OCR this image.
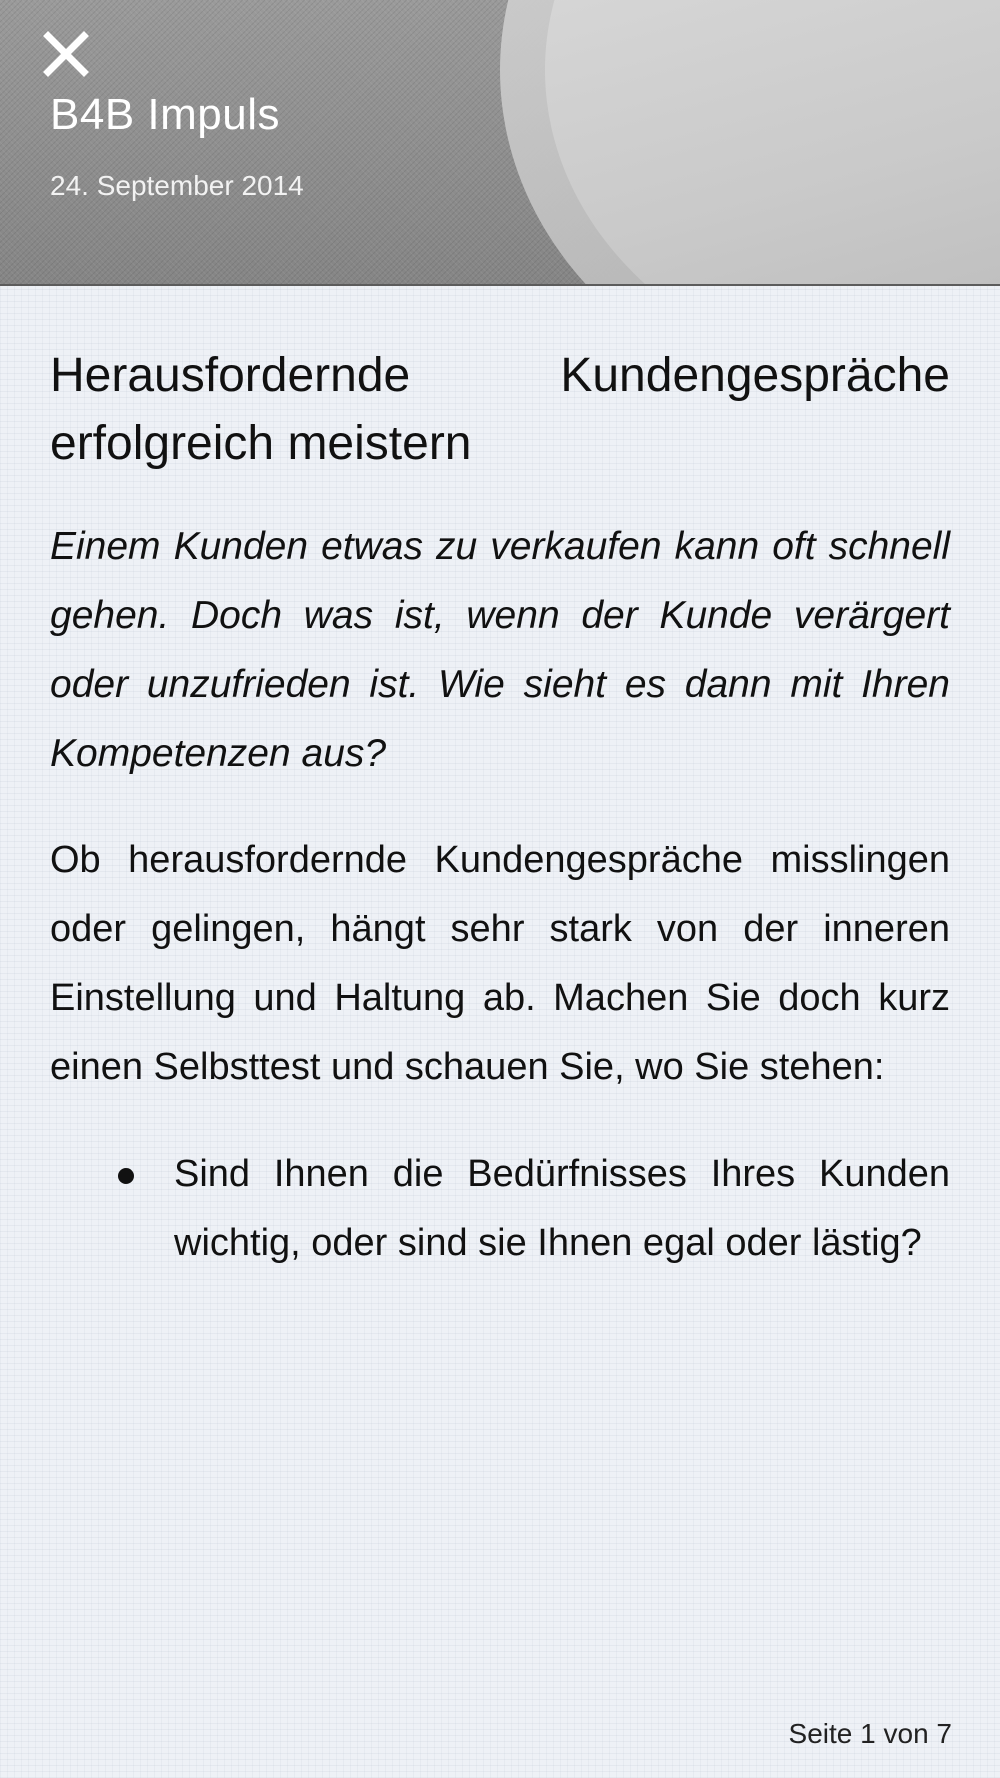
B4B Impuls
24. September 2014
Herausfordernde Kundengespräche erfolgreich meistern

Einem Kunden etwas zu verkaufen kann oft schnell gehen. Doch was ist, wenn der Kunde verärgert oder unzufrieden ist. Wie sieht es dann mit Ihren Kompetenzen aus?

Ob herausfordernde Kundengespräche misslingen oder gelingen, hängt sehr stark von der inneren Einstellung und Haltung ab. Machen Sie doch kurz einen Selbsttest und schauen Sie, wo Sie stehen:

Sind Ihnen die Bedürfnisses Ihres Kunden wichtig, oder sind sie Ihnen egal oder lästig?
Seite 1 von 7
